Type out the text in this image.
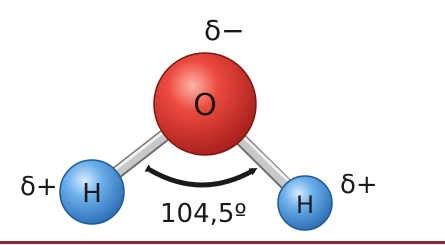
O
H	H
δ−
δ+	δ+
104,5º
